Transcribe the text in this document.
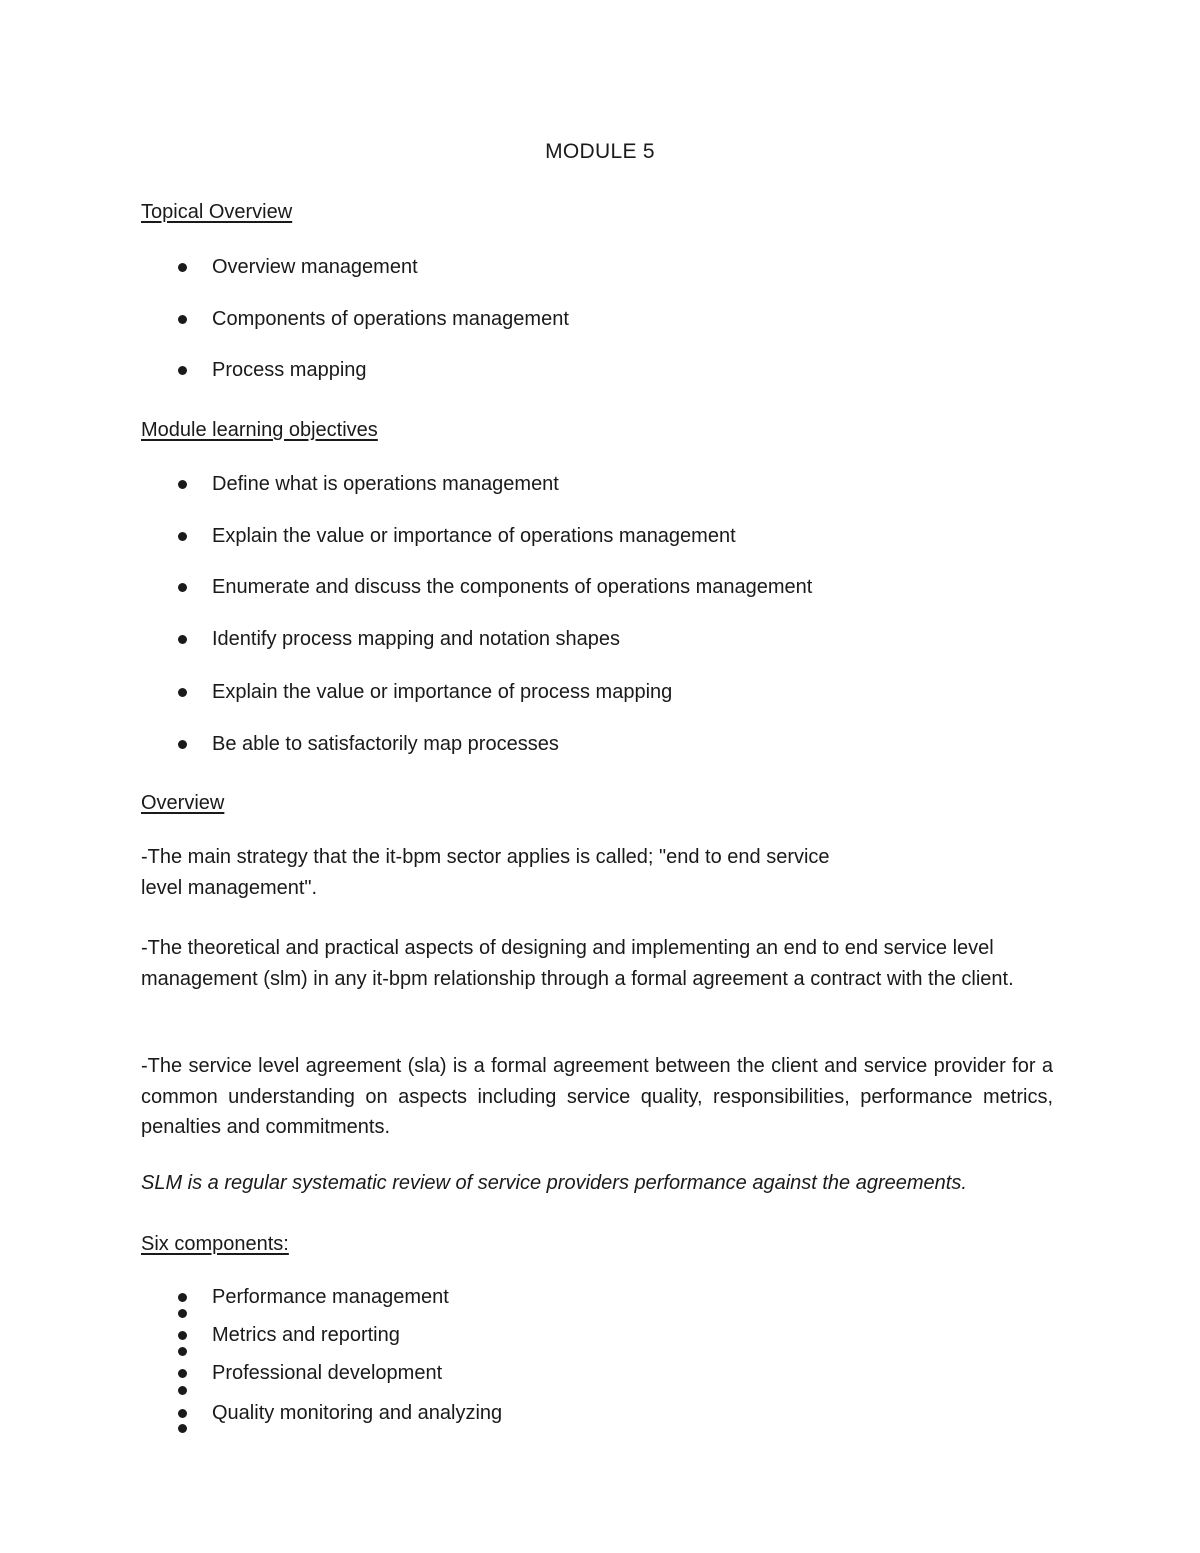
MODULE 5
Topical Overview
Overview management
Components of operations management
Process mapping
Module learning objectives
Define what is operations management
Explain the value or importance of operations management
Enumerate and discuss the components of operations management
Identify process mapping and notation shapes
Explain the value or importance of process mapping
Be able to satisfactorily map processes
Overview
-The main strategy that the it-bpm sector applies is called; "end to end service
level management".
-The theoretical and practical aspects of designing and implementing an end to end service level management (slm) in any it-bpm relationship through a formal agreement a contract with the client.
-The service level agreement (sla) is a formal agreement between the client and service provider for a common understanding on aspects including service quality, responsibilities, performance metrics, penalties and commitments.
SLM is a regular systematic review of service providers performance against the agreements.
Six components:
Performance management
Metrics and reporting
Professional development
Quality monitoring and analyzing
